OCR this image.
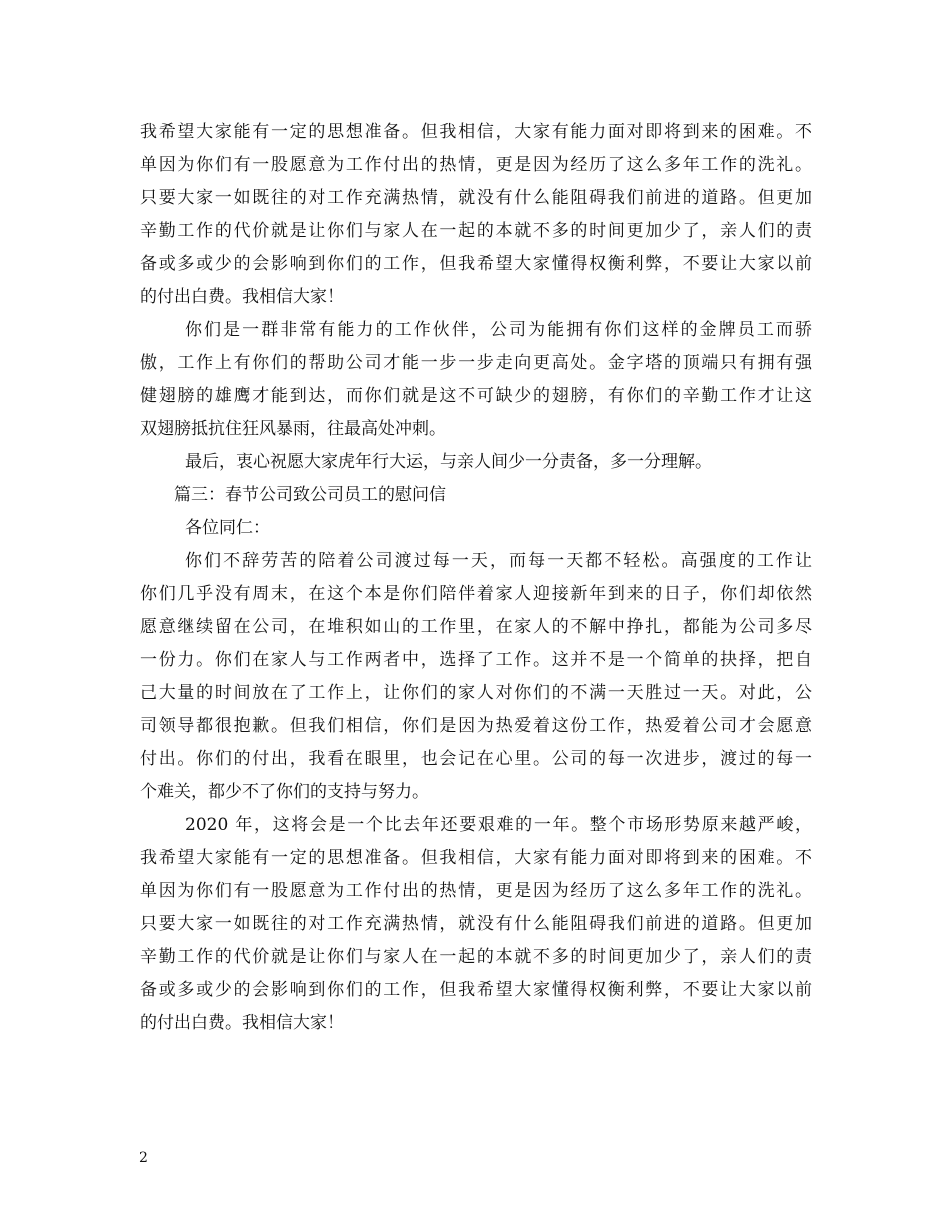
我希望大家能有一定的思想准备。但我相信，大家有能力面对即将到来的困难。不
单因为你们有一股愿意为工作付出的热情，更是因为经历了这么多年工作的洗礼。
只要大家一如既往的对工作充满热情，就没有什么能阻碍我们前进的道路。但更加
辛勤工作的代价就是让你们与家人在一起的本就不多的时间更加少了，亲人们的责
备或多或少的会影响到你们的工作，但我希望大家懂得权衡利弊，不要让大家以前
的付出白费。我相信大家！
你们是一群非常有能力的工作伙伴，公司为能拥有你们这样的金牌员工而骄
傲，工作上有你们的帮助公司才能一步一步走向更高处。金字塔的顶端只有拥有强
健翅膀的雄鹰才能到达，而你们就是这不可缺少的翅膀，有你们的辛勤工作才让这
双翅膀抵抗住狂风暴雨，往最高处冲刺。
最后，衷心祝愿大家虎年行大运，与亲人间少一分责备，多一分理解。
篇三：春节公司致公司员工的慰问信
各位同仁：
你们不辞劳苦的陪着公司渡过每一天，而每一天都不轻松。高强度的工作让
你们几乎没有周末，在这个本是你们陪伴着家人迎接新年到来的日子，你们却依然
愿意继续留在公司，在堆积如山的工作里，在家人的不解中挣扎，都能为公司多尽
一份力。你们在家人与工作两者中，选择了工作。这并不是一个简单的抉择，把自
己大量的时间放在了工作上，让你们的家人对你们的不满一天胜过一天。对此，公
司领导都很抱歉。但我们相信，你们是因为热爱着这份工作，热爱着公司才会愿意
付出。你们的付出，我看在眼里，也会记在心里。公司的每一次进步，渡过的每一
个难关，都少不了你们的支持与努力。
2020 年，这将会是一个比去年还要艰难的一年。整个市场形势原来越严峻，
我希望大家能有一定的思想准备。但我相信，大家有能力面对即将到来的困难。不
单因为你们有一股愿意为工作付出的热情，更是因为经历了这么多年工作的洗礼。
只要大家一如既往的对工作充满热情，就没有什么能阻碍我们前进的道路。但更加
辛勤工作的代价就是让你们与家人在一起的本就不多的时间更加少了，亲人们的责
备或多或少的会影响到你们的工作，但我希望大家懂得权衡利弊，不要让大家以前
的付出白费。我相信大家！
2
